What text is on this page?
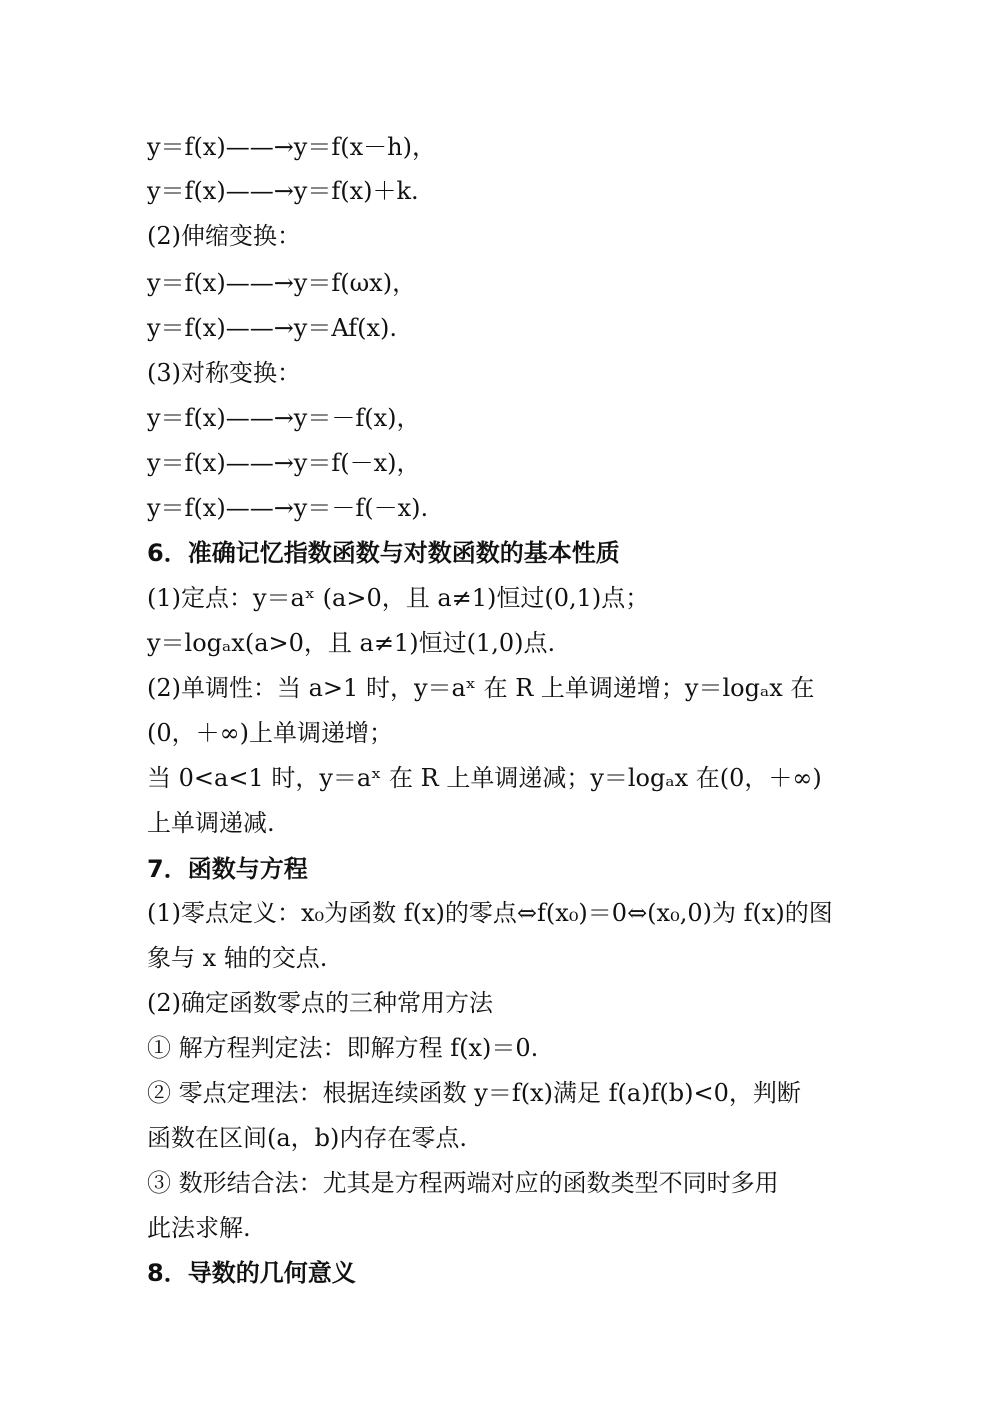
y＝f(x)——→y＝f(x－h)，
y＝f(x)——→y＝f(x)＋k.
(2)伸缩变换：
y＝f(x)——→y＝f(ωx)，
y＝f(x)——→y＝Af(x).
(3)对称变换：
y＝f(x)——→y＝－f(x)，
y＝f(x)——→y＝f(－x)，
y＝f(x)——→y＝－f(－x).
6．准确记忆指数函数与对数函数的基本性质
(1)定点：y＝aˣ (a>0，且 a≠1)恒过(0,1)点；
y＝logₐx(a>0，且 a≠1)恒过(1,0)点.
(2)单调性：当 a>1 时，y＝aˣ 在 R 上单调递增；y＝logₐx 在
(0，＋∞)上单调递增；
当 0<a<1 时，y＝aˣ 在 R 上单调递减；y＝logₐx 在(0，＋∞)
上单调递减.
7．函数与方程
(1)零点定义：x₀为函数 f(x)的零点⇔f(x₀)＝0⇔(x₀,0)为 f(x)的图
象与 x 轴的交点.
(2)确定函数零点的三种常用方法
① 解方程判定法：即解方程 f(x)＝0.
② 零点定理法：根据连续函数 y＝f(x)满足 f(a)f(b)<0，判断
函数在区间(a，b)内存在零点.
③ 数形结合法：尤其是方程两端对应的函数类型不同时多用
此法求解.
8．导数的几何意义
